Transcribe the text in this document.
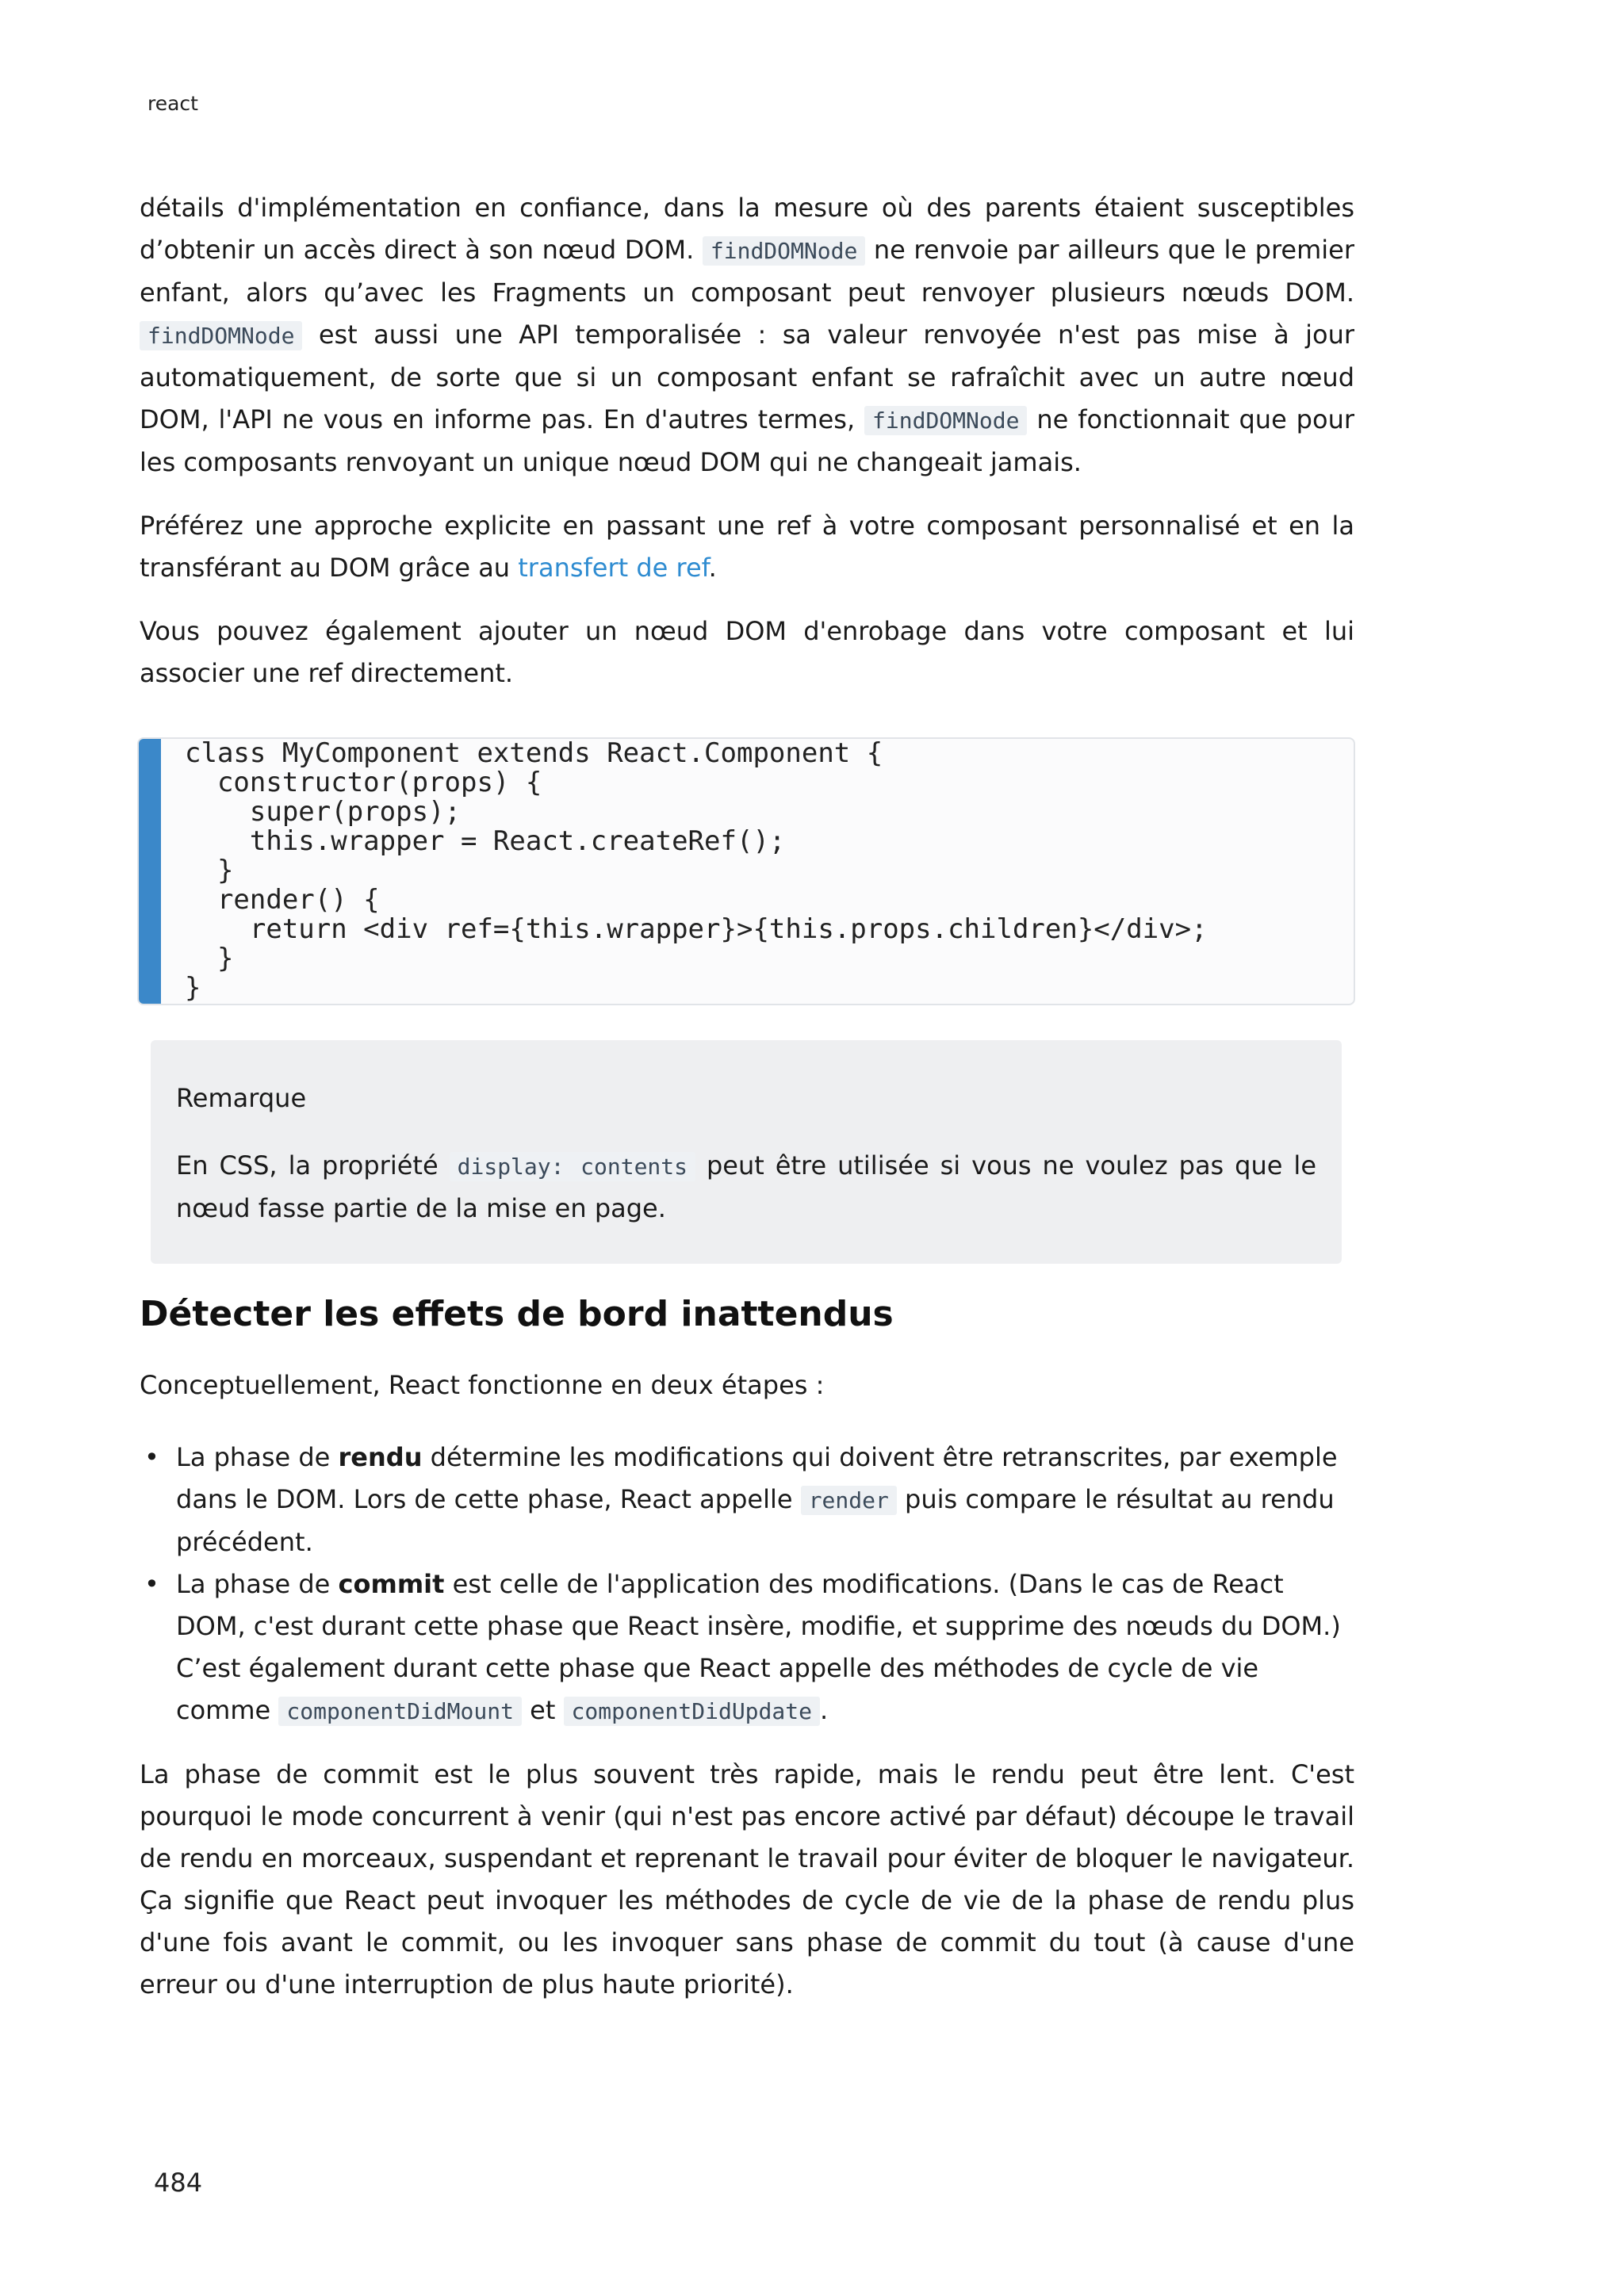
react

détails d'implémentation en confiance, dans la mesure où des parents étaient susceptibles d’obtenir un accès direct à son nœud DOM. findDOMNode ne renvoie par ailleurs que le premier enfant, alors qu’avec les Fragments un composant peut renvoyer plusieurs nœuds DOM. findDOMNode est aussi une API temporalisée : sa valeur renvoyée n'est pas mise à jour automatiquement, de sorte que si un composant enfant se rafraîchit avec un autre nœud DOM, l'API ne vous en informe pas. En d'autres termes, findDOMNode ne fonctionnait que pour les composants renvoyant un unique nœud DOM qui ne changeait jamais.

Préférez une approche explicite en passant une ref à votre composant personnalisé et en la transférant au DOM grâce au transfert de ref.

Vous pouvez également ajouter un nœud DOM d'enrobage dans votre composant et lui associer une ref directement.

class MyComponent extends React.Component {
constructor(props) {
super(props);
this.wrapper = React.createRef();
}
render() {
return <div ref={this.wrapper}>{this.props.children}</div>;
}
}
Remarque
En CSS, la propriété display: contents peut être utilisée si vous ne voulez pas que le nœud fasse partie de la mise en page.
Détecter les effets de bord inattendus
Conceptuellement, React fonctionne en deux étapes :
• La phase de rendu détermine les modifications qui doivent être retranscrites, par exemple dans le DOM. Lors de cette phase, React appelle render puis compare le résultat au rendu précédent.
• La phase de commit est celle de l'application des modifications. (Dans le cas de React DOM, c'est durant cette phase que React insère, modifie, et supprime des nœuds du DOM.) C’est également durant cette phase que React appelle des méthodes de cycle de vie comme componentDidMount et componentDidUpdate .

La phase de commit est le plus souvent très rapide, mais le rendu peut être lent. C'est pourquoi le mode concurrent à venir (qui n'est pas encore activé par défaut) découpe le travail de rendu en morceaux, suspendant et reprenant le travail pour éviter de bloquer le navigateur. Ça signifie que React peut invoquer les méthodes de cycle de vie de la phase de rendu plus d'une fois avant le commit, ou les invoquer sans phase de commit du tout (à cause d'une erreur ou d'une interruption de plus haute priorité).

484
